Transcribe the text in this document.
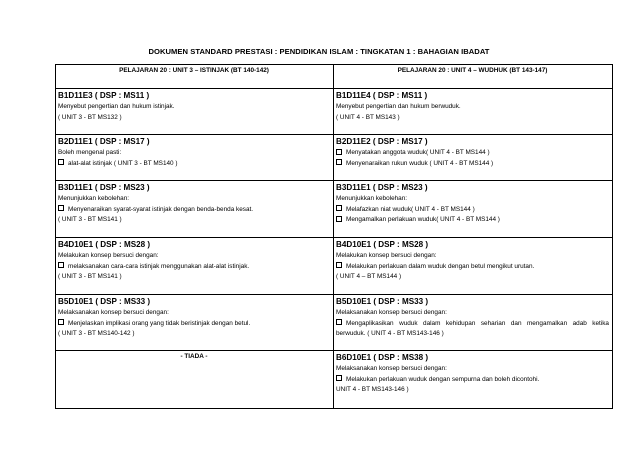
DOKUMEN STANDARD PRESTASI : PENDIDIKAN ISLAM : TINGKATAN 1 : BAHAGIAN IBADAT
PELAJARAN 20 : UNIT 3 – ISTINJAK (BT 140-142)	PELAJARAN 20 : UNIT 4 – WUDHUK (BT 143-147)

B1D11E3 ( DSP : MS11 )
Menyebut pengertian dan hukum istinjak.
( UNIT 3 - BT MS132 )	B1D11E4 ( DSP : MS11 )
Menyebut pengertian dan hukum berwuduk.
( UNIT 4 - BT MS143 )

B2D11E1 ( DSP : MS17 )
Boleh mengenal pasti:
alat-alat istinjak ( UNIT 3 - BT MS140 )	B2D11E2 ( DSP : MS17 )
Menyatakan anggota wuduk( UNIT 4 - BT MS144 )
Menyenaraikan rukun wuduk ( UNIT 4 - BT MS144 )

B3D11E1 ( DSP : MS23 )
Menunjukkan kebolehan:
Menyenaraikan syarat-syarat istinjak dengan benda-benda kesat.
( UNIT 3 - BT MS141 )	B3D11E1 ( DSP : MS23 )
Menunjukkan kebolehan:
Melafazkan niat wuduk( UNIT 4 - BT MS144 )
Mengamalkan perlakuan wuduk( UNIT 4 - BT MS144 )

B4D10E1 ( DSP : MS28 )
Melakukan konsep bersuci dengan:
melaksanakan cara-cara istinjak menggunakan alat-alat istinjak.
( UNIT 3 - BT MS141 )	B4D10E1 ( DSP : MS28 )
Melakukan konsep bersuci dengan:
Melakukan perlakuan dalam wuduk dengan betul mengikut urutan.
( UNIT 4 – BT MS144 )

B5D10E1 ( DSP : MS33 )
Melaksanakan konsep bersuci dengan:
Menjelaskan implikasi orang yang tidak beristinjak dengan betul.
( UNIT 3 - BT MS140-142 )	B5D10E1 ( DSP : MS33 )
Melaksanakan konsep bersuci dengan:
Mengaplikasikan wuduk dalam kehidupan seharian dan mengamalkan adab ketika berwuduk. ( UNIT 4 - BT MS143-146 )

- TIADA -	B6D10E1 ( DSP : MS38 )
Melaksanakan konsep bersuci dengan:
Melakukan perlakuan wuduk dengan sempurna dan boleh dicontohi.
UNIT 4 - BT MS143-146 )
